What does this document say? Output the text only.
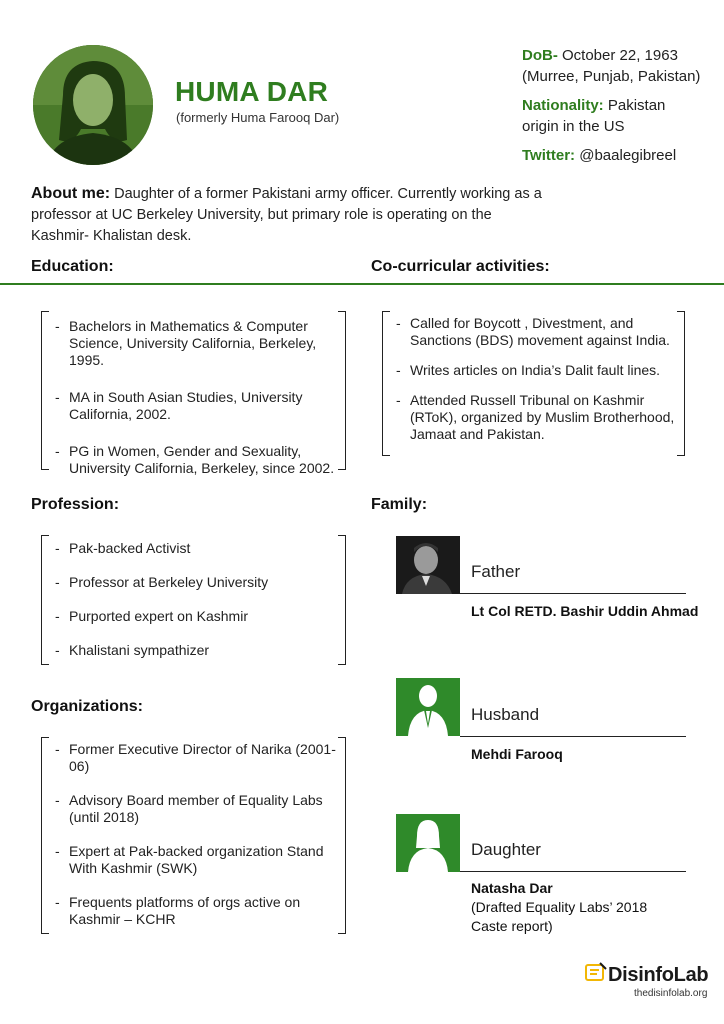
HUMA DAR
(formerly Huma Farooq Dar)
DoB- October 22, 1963
(Murree, Punjab, Pakistan)
Nationality: Pakistan
origin in the US
Twitter: @baalegibreel
About me: Daughter of a former Pakistani army officer. Currently working as a professor at UC Berkeley University, but primary role is operating on the Kashmir- Khalistan desk.
Education:	Co-curricular activities:
- Bachelors in Mathematics & Computer Science, University California, Berkeley, 1995.
- MA in South Asian Studies, University California, 2002.
- PG in Women, Gender and Sexuality, University California, Berkeley, since 2002.
- Called for Boycott , Divestment, and Sanctions (BDS) movement against India.
- Writes articles on India’s Dalit fault lines.
- Attended Russell Tribunal on Kashmir (RToK), organized by Muslim Brotherhood, Jamaat and Pakistan.
Profession:
- Pak-backed Activist
- Professor at Berkeley University
- Purported expert on Kashmir
- Khalistani sympathizer
Organizations:
- Former Executive Director of Narika (2001-06)
- Advisory Board member of Equality Labs (until 2018)
- Expert at Pak-backed organization Stand With Kashmir (SWK)
- Frequents platforms of orgs active on Kashmir – KCHR
Family:
Father
Lt Col RETD. Bashir Uddin Ahmad
Husband
Mehdi Farooq
Daughter
Natasha Dar
(Drafted Equality Labs’ 2018
Caste report)
DisinfoLab
thedisinfolab.org
